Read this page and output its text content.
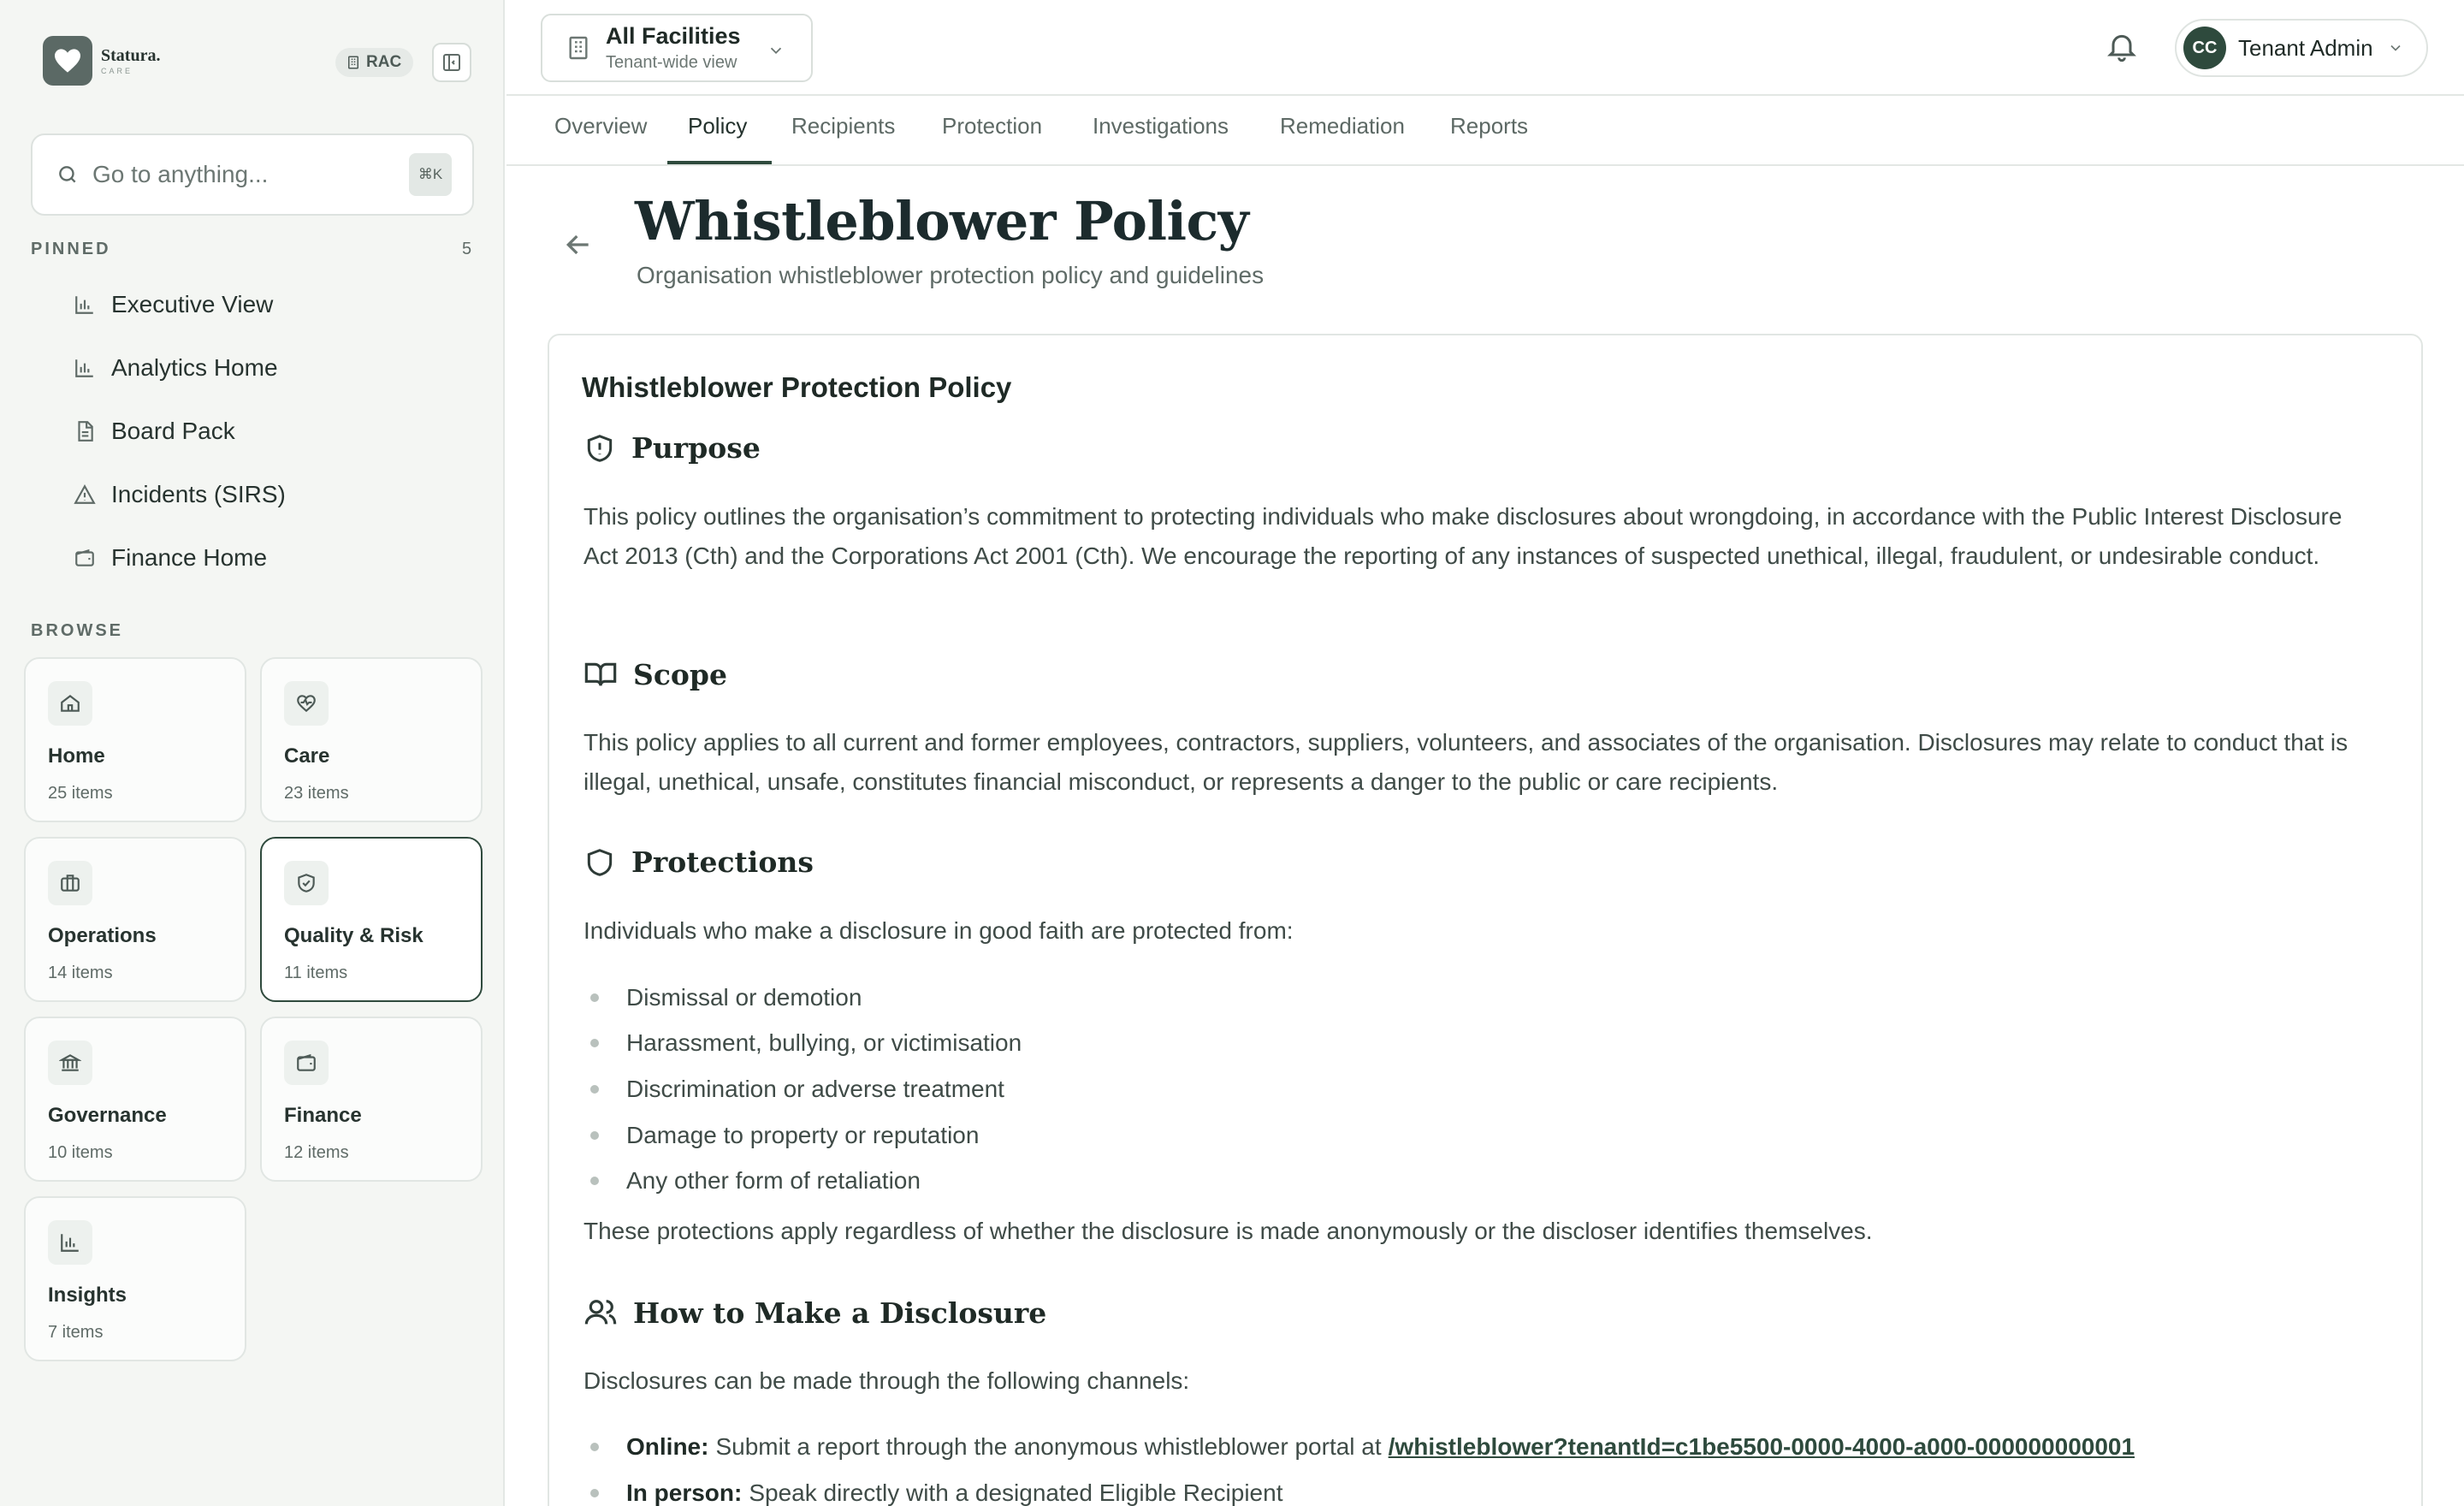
Statura.
CARE	RAC
Go to anything...	⌘K
PINNED	5
Executive View
Analytics Home
Board Pack
Incidents (SIRS)
Finance Home
BROWSE
Home
25 items
Care
23 items
Operations
14 items
Quality & Risk
11 items
Governance
10 items
Finance
12 items
Insights
7 items
All Facilities
Tenant-wide view
CC Tenant Admin
Overview Policy Recipients Protection Investigations Remediation Reports
Whistleblower Policy
Organisation whistleblower protection policy and guidelines
Whistleblower Protection Policy
Purpose

This policy outlines the organisation’s commitment to protecting individuals who make disclosures about wrongdoing, in accordance with the Public Interest Disclosure Act 2013 (Cth) and the Corporations Act 2001 (Cth). We encourage the reporting of any instances of suspected unethical, illegal, fraudulent, or undesirable conduct.

Scope

This policy applies to all current and former employees, contractors, suppliers, volunteers, and associates of the organisation. Disclosures may relate to conduct that is illegal, unethical, unsafe, constitutes financial misconduct, or represents a danger to the public or care recipients.

Protections

Individuals who make a disclosure in good faith are protected from:

Dismissal or demotion
Harassment, bullying, or victimisation
Discrimination or adverse treatment
Damage to property or reputation
Any other form of retaliation

These protections apply regardless of whether the disclosure is made anonymously or the discloser identifies themselves.

How to Make a Disclosure

Disclosures can be made through the following channels:

Online: Submit a report through the anonymous whistleblower portal at /whistleblower?tenantId=c1be5500-0000-4000-a000-000000000001
In person: Speak directly with a designated Eligible Recipient
